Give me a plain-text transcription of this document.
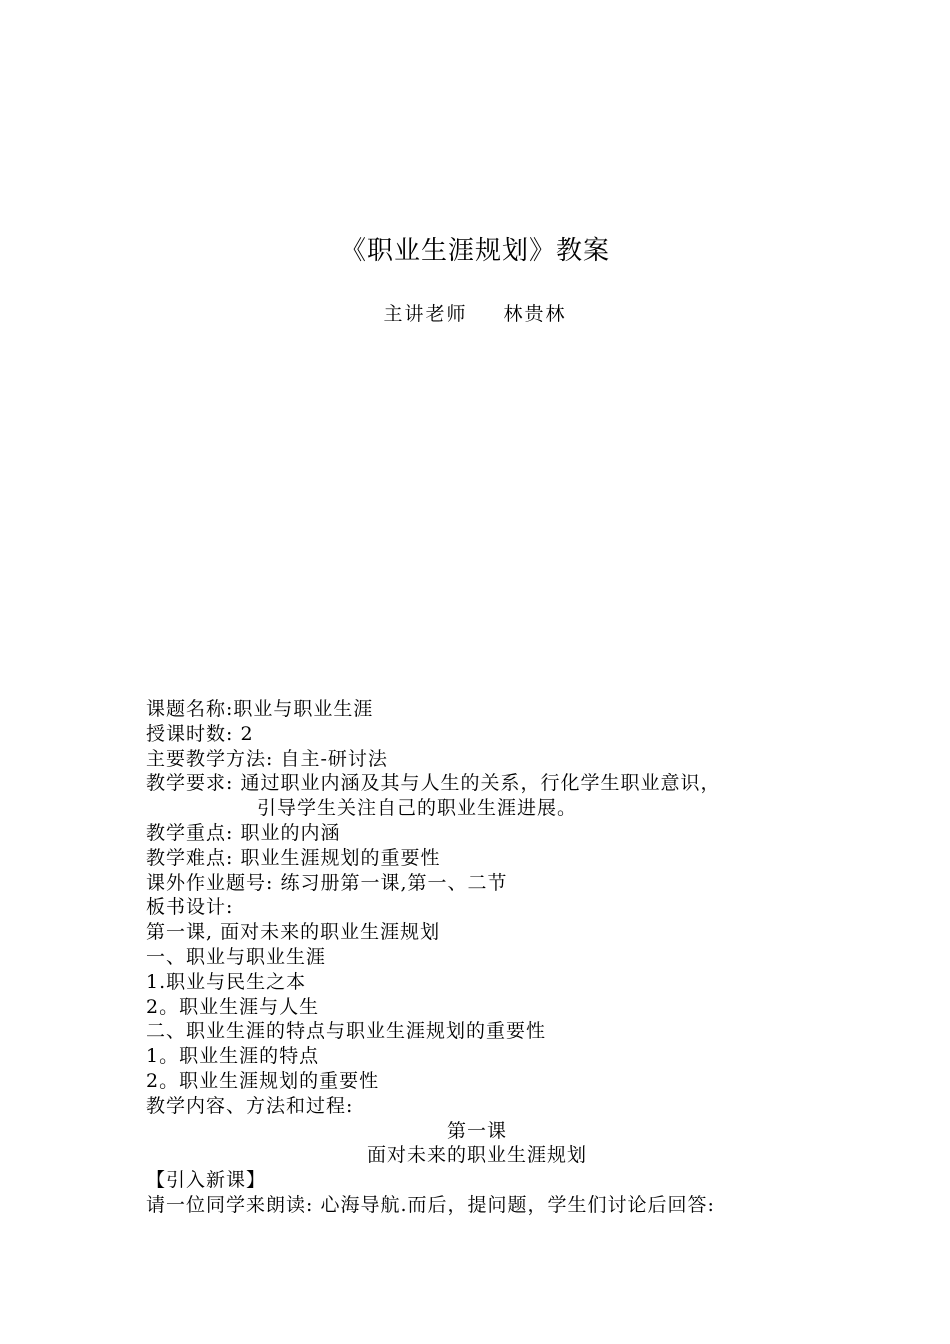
《职业生涯规划》教案
主讲老师 林贵林
课题名称:职业与职业生涯
授课时数: 2
主要教学方法: 自主-研讨法
教学要求: 通过职业内涵及其与人生的关系，行化学生职业意识，
引导学生关注自己的职业生涯进展。
教学重点: 职业的内涵
教学难点: 职业生涯规划的重要性
课外作业题号: 练习册第一课,第一、二节
板书设计:
第一课, 面对未来的职业生涯规划
一、职业与职业生涯
1.职业与民生之本
2。职业生涯与人生
二、职业生涯的特点与职业生涯规划的重要性
1。职业生涯的特点
2。职业生涯规划的重要性
教学内容、方法和过程:
第一课
面对未来的职业生涯规划
【引入新课】
请一位同学来朗读: 心海导航.而后，提问题，学生们讨论后回答:
